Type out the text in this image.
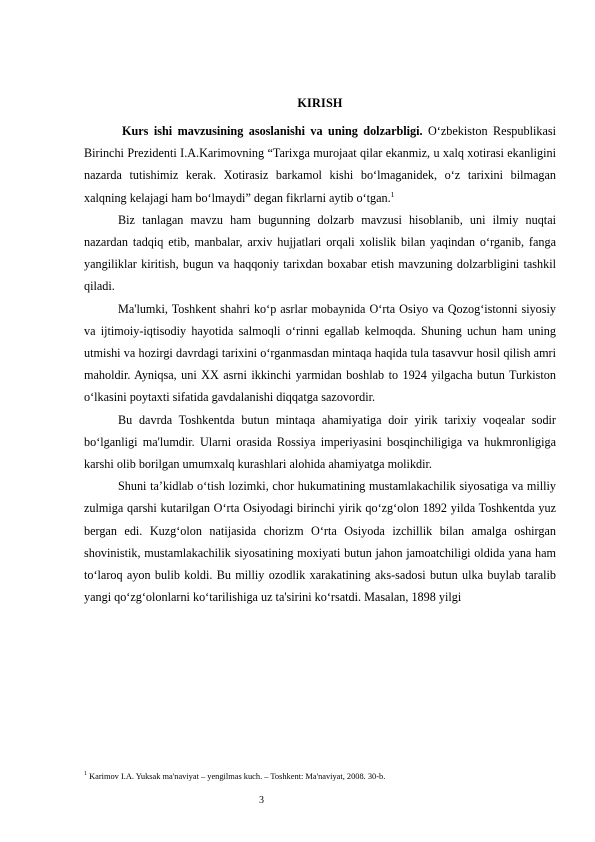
KIRISH

Kurs ishi mavzusining asoslanishi va uning dolzarbligi. O‘zbekiston Respublikasi Birinchi Prezidenti I.A.Karimovning “Tarixga murojaat qilar ekanmiz, u xalq xotirasi ekanligini nazarda tutishimiz kerak. Xotirasiz barkamol kishi bo‘lmaganidek, o‘z tarixini bilmagan xalqning kelajagi ham bo‘lmaydi” degan fikrlarni aytib o‘tgan.$^1$

Biz tanlagan mavzu ham bugunning dolzarb mavzusi hisoblanib, uni ilmiy nuqtai nazardan tadqiq etib, manbalar, arxiv hujjatlari orqali xolislik bilan yaqindan o‘rganib, fanga yangiliklar kiritish, bugun va haqqoniy tarixdan boxabar etish mavzuning dolzarbligini tashkil qiladi.

Ma'lumki, Toshkent shahri ko‘p asrlar mobaynida O‘rta Osiyo va Qozog‘istonni siyosiy va ijtimoiy-iqtisodiy hayotida salmoqli o‘rinni egallab kelmoqda. Shuning uchun ham uning utmishi va hozirgi davrdagi tarixini o‘rganmasdan mintaqa haqida tula tasavvur hosil qilish amri maholdir. Ayniqsa, uni XX asrni ikkinchi yarmidan boshlab to 1924 yilgacha butun Turkiston o‘lkasini poytaxti sifatida gavdalanishi diqqatga sazovordir.

Bu davrda Toshkentda butun mintaqa ahamiyatiga doir yirik tarixiy voqealar sodir bo‘lganligi ma'lumdir. Ularni orasida Rossiya imperiyasini bosqinchiligiga va hukmronligiga karshi olib borilgan umumxalq kurashlari alohida ahamiyatga molikdir.

Shuni ta’kidlab o‘tish lozimki, chor hukumatining mustamlakachilik siyosatiga va milliy zulmiga qarshi kutarilgan O‘rta Osiyodagi birinchi yirik qo‘zg‘olon 1892 yilda Toshkentda yuz bergan edi. Kuzg‘olon natijasida chorizm O‘rta Osiyoda izchillik bilan amalga oshirgan shovinistik, mustamlakachilik siyosatining moxiyati butun jahon jamoatchiligi oldida yana ham to‘laroq ayon bulib koldi. Bu milliy ozodlik xarakatining aks-sadosi butun ulka buylab taralib yangi qo‘zg‘olonlarni ko‘tarilishiga uz ta'sirini ko‘rsatdi. Masalan, 1898 yilgi

$^1$ Karimov I.A. Yuksak ma'naviyat – yengilmas kuch. – Toshkent: Ma'naviyat, 2008. 30-b.
3
